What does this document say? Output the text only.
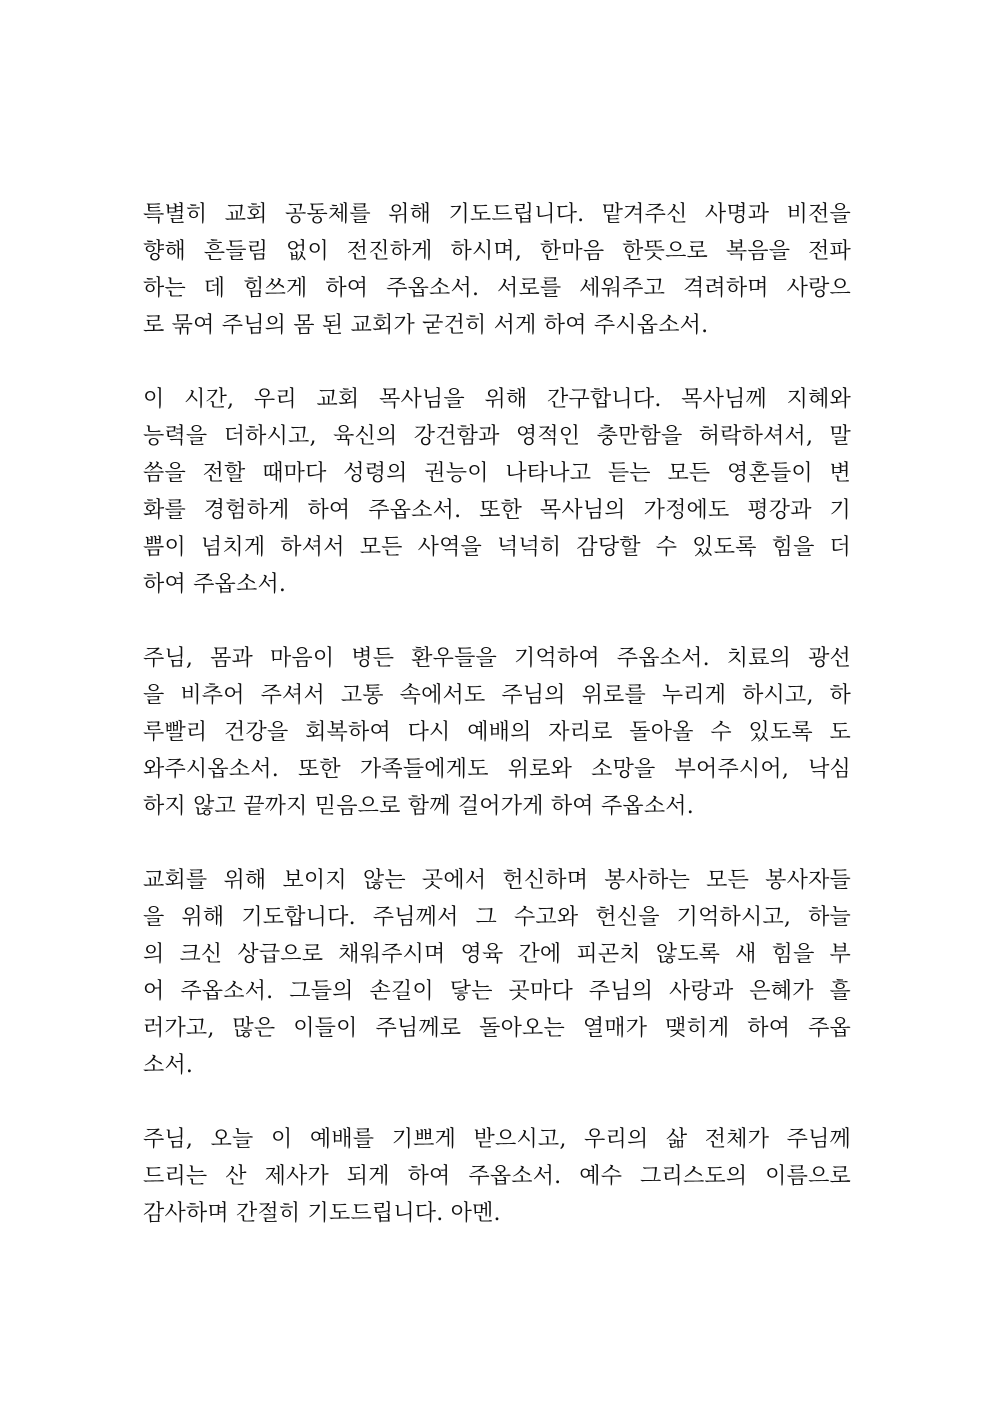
특별히 교회 공동체를 위해 기도드립니다. 맡겨주신 사명과 비전을
향해 흔들림 없이 전진하게 하시며, 한마음 한뜻으로 복음을 전파
하는 데 힘쓰게 하여 주옵소서. 서로를 세워주고 격려하며 사랑으
로 묶여 주님의 몸 된 교회가 굳건히 서게 하여 주시옵소서.

이 시간, 우리 교회 목사님을 위해 간구합니다. 목사님께 지혜와
능력을 더하시고, 육신의 강건함과 영적인 충만함을 허락하셔서, 말
씀을 전할 때마다 성령의 권능이 나타나고 듣는 모든 영혼들이 변
화를 경험하게 하여 주옵소서. 또한 목사님의 가정에도 평강과 기
쁨이 넘치게 하셔서 모든 사역을 넉넉히 감당할 수 있도록 힘을 더
하여 주옵소서.

주님, 몸과 마음이 병든 환우들을 기억하여 주옵소서. 치료의 광선
을 비추어 주셔서 고통 속에서도 주님의 위로를 누리게 하시고, 하
루빨리 건강을 회복하여 다시 예배의 자리로 돌아올 수 있도록 도
와주시옵소서. 또한 가족들에게도 위로와 소망을 부어주시어, 낙심
하지 않고 끝까지 믿음으로 함께 걸어가게 하여 주옵소서.

교회를 위해 보이지 않는 곳에서 헌신하며 봉사하는 모든 봉사자들
을 위해 기도합니다. 주님께서 그 수고와 헌신을 기억하시고, 하늘
의 크신 상급으로 채워주시며 영육 간에 피곤치 않도록 새 힘을 부
어 주옵소서. 그들의 손길이 닿는 곳마다 주님의 사랑과 은혜가 흘
러가고, 많은 이들이 주님께로 돌아오는 열매가 맺히게 하여 주옵
소서.

주님, 오늘 이 예배를 기쁘게 받으시고, 우리의 삶 전체가 주님께
드리는 산 제사가 되게 하여 주옵소서. 예수 그리스도의 이름으로
감사하며 간절히 기도드립니다. 아멘.
